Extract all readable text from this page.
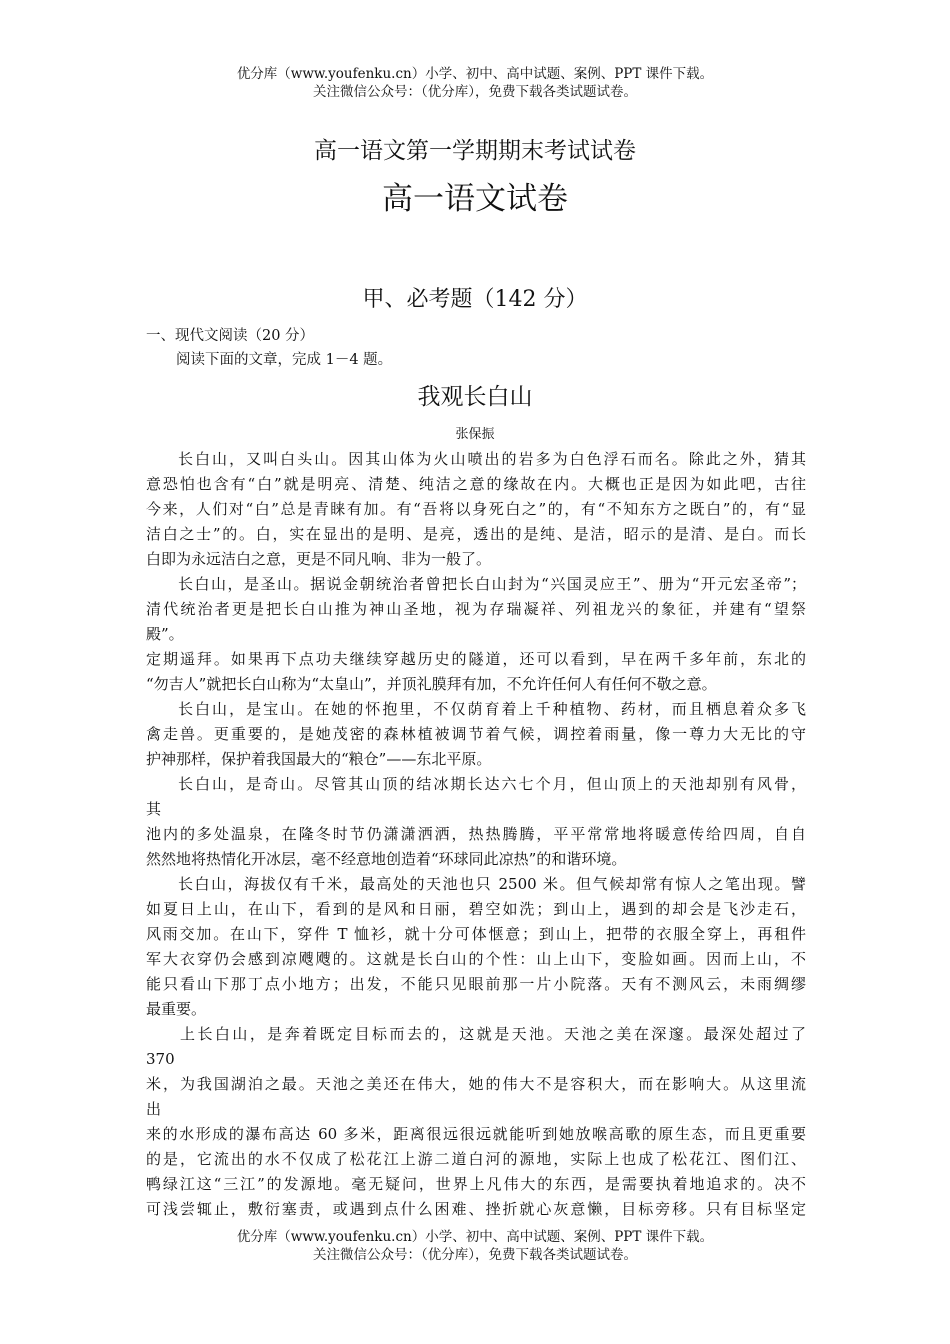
优分库（www.youfenku.cn）小学、初中、高中试题、案例、PPT 课件下载。
关注微信公众号：（优分库），免费下载各类试题试卷。
高一语文第一学期期末考试试卷
高一语文试卷
甲、必考题（142 分）
一、现代文阅读（20 分）
阅读下面的文章，完成 1－4 题。
我观长白山
张保振
长白山，又叫白头山。因其山体为火山喷出的岩多为白色浮石而名。除此之外，猜其
意恐怕也含有“白”就是明亮、清楚、纯洁之意的缘故在内。大概也正是因为如此吧，古往
今来，人们对“白”总是青睐有加。有“吾将以身死白之”的，有“不知东方之既白”的，有“显
洁白之士”的。白，实在显出的是明、是亮，透出的是纯、是洁，昭示的是清、是白。而长
白即为永远洁白之意，更是不同凡响、非为一般了。
长白山，是圣山。据说金朝统治者曾把长白山封为“兴国灵应王”、册为“开元宏圣帝”；
清代统治者更是把长白山推为神山圣地，视为存瑞凝祥、列祖龙兴的象征，并建有“望祭
殿”。
定期遥拜。如果再下点功夫继续穿越历史的隧道，还可以看到，早在两千多年前，东北的
“勿吉人”就把长白山称为“太皇山”，并顶礼膜拜有加，不允许任何人有任何不敬之意。
长白山，是宝山。在她的怀抱里，不仅荫育着上千种植物、药材，而且栖息着众多飞
禽走兽。更重要的，是她茂密的森林植被调节着气候，调控着雨量，像一尊力大无比的守
护神那样，保护着我国最大的“粮仓”——东北平原。
长白山，是奇山。尽管其山顶的结冰期长达六七个月，但山顶上的天池却别有风骨，
其
池内的多处温泉，在隆冬时节仍潇潇洒洒，热热腾腾，平平常常地将暖意传给四周，自自
然然地将热情化开冰层，毫不经意地创造着“环球同此凉热”的和谐环境。
长白山，海拔仅有千米，最高处的天池也只 2500 米。但气候却常有惊人之笔出现。譬
如夏日上山，在山下，看到的是风和日丽，碧空如洗；到山上，遇到的却会是飞沙走石，
风雨交加。在山下，穿件 T 恤衫，就十分可体惬意；到山上，把带的衣服全穿上，再租件
军大衣穿仍会感到凉飕飕的。这就是长白山的个性：山上山下，变脸如画。因而上山，不
能只看山下那丁点小地方；出发，不能只见眼前那一片小院落。天有不测风云，未雨绸缪
最重要。
上长白山，是奔着既定目标而去的，这就是天池。天池之美在深邃。最深处超过了
370
米，为我国湖泊之最。天池之美还在伟大，她的伟大不是容积大，而在影响大。从这里流
出
来的水形成的瀑布高达 60 多米，距离很远很远就能听到她放喉高歌的原生态，而且更重要
的是，它流出的水不仅成了松花江上游二道白河的源地，实际上也成了松花江、图们江、
鸭绿江这“三江”的发源地。毫无疑问，世界上凡伟大的东西，是需要执着地追求的。决不
可浅尝辄止，敷衍塞责，或遇到点什么困难、挫折就心灰意懒，目标旁移。只有目标坚定
优分库（www.youfenku.cn）小学、初中、高中试题、案例、PPT 课件下载。
关注微信公众号：（优分库），免费下载各类试题试卷。
